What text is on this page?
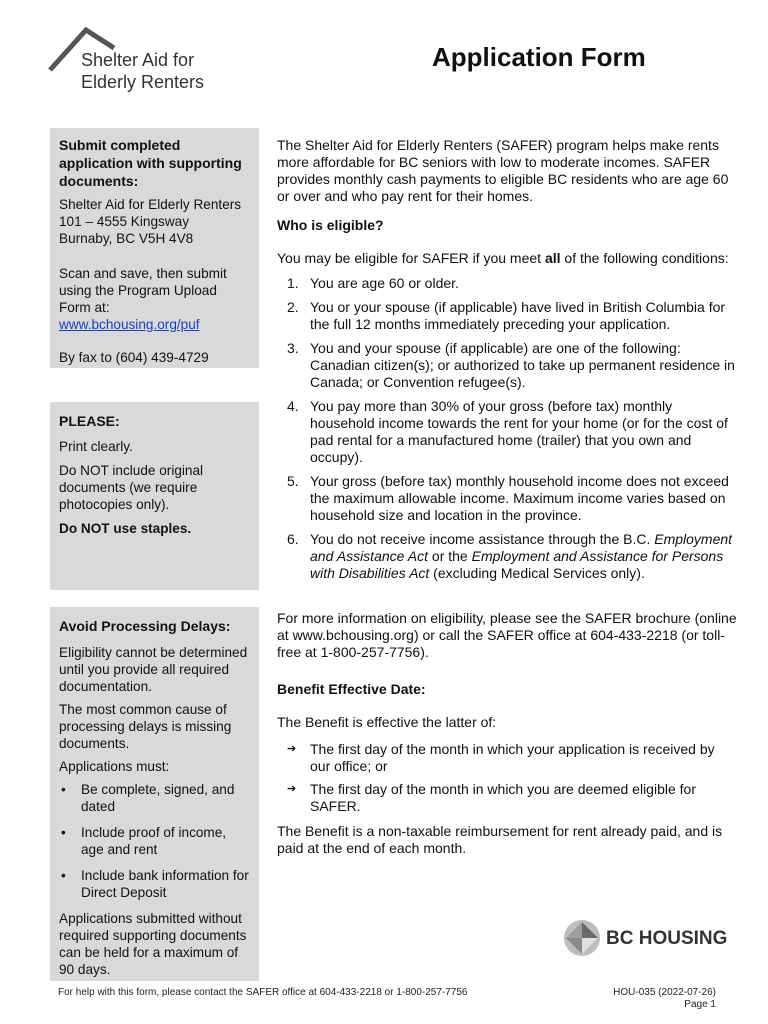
Shelter Aid for
Elderly Renters
Application Form
Submit completed application with supporting documents:

Shelter Aid for Elderly Renters
101 – 4555 Kingsway
Burnaby, BC V5H 4V8

Scan and save, then submit using the Program Upload Form at:
www.bchousing.org/puf

By fax to (604) 439-4729

PLEASE:

Print clearly.

Do NOT include original documents (we require photocopies only).

Do NOT use staples.

Avoid Processing Delays:

Eligibility cannot be determined until you provide all required documentation.

The most common cause of processing delays is missing documents.

Applications must:

• Be complete, signed, and dated
• Include proof of income, age and rent
• Include bank information for Direct Deposit

Applications submitted without required supporting documents can be held for a maximum of 90 days.

The Shelter Aid for Elderly Renters (SAFER) program helps make rents more affordable for BC seniors with low to moderate incomes. SAFER provides monthly cash payments to eligible BC residents who are age 60 or over and who pay rent for their homes.

Who is eligible?

You may be eligible for SAFER if you meet all of the following conditions:

1. You are age 60 or older.
2. You or your spouse (if applicable) have lived in British Columbia for the full 12 months immediately preceding your application.
3. You and your spouse (if applicable) are one of the following: Canadian citizen(s); or authorized to take up permanent residence in Canada; or Convention refugee(s).
4. You pay more than 30% of your gross (before tax) monthly household income towards the rent for your home (or for the cost of pad rental for a manufactured home (trailer) that you own and occupy).
5. Your gross (before tax) monthly household income does not exceed the maximum allowable income. Maximum income varies based on household size and location in the province.
6. You do not receive income assistance through the B.C. Employment and Assistance Act or the Employment and Assistance for Persons with Disabilities Act (excluding Medical Services only).

For more information on eligibility, please see the SAFER brochure (online at www.bchousing.org) or call the SAFER office at 604-433-2218 (or toll-free at 1-800-257-7756).

Benefit Effective Date:

The Benefit is effective the latter of:

➔ The first day of the month in which your application is received by our office; or
➔ The first day of the month in which you are deemed eligible for SAFER.

The Benefit is a non-taxable reimbursement for rent already paid, and is paid at the end of each month.

BC HOUSING
For help with this form, please contact the SAFER office at 604-433-2218 or 1-800-257-7756	HOU-035 (2022-07-26)
Page 1
